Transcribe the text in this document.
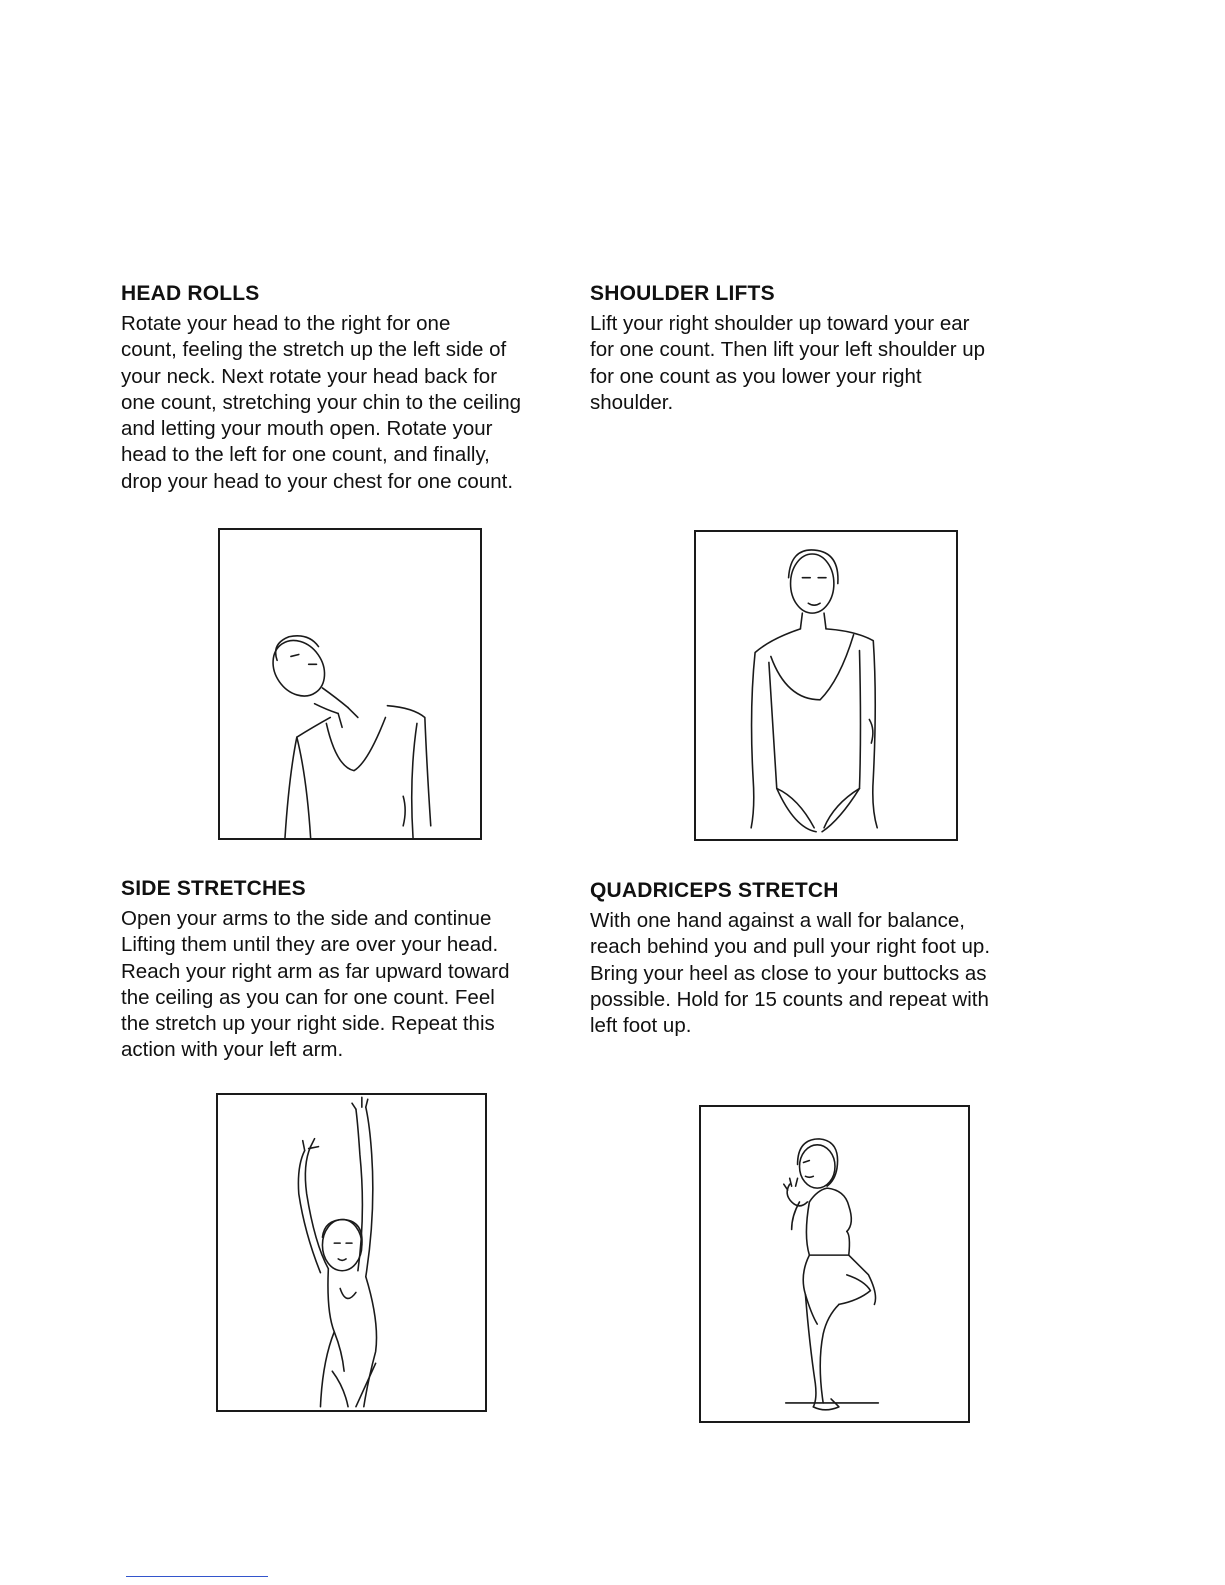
HEAD ROLLS

Rotate your head to the right for one
count, feeling the stretch up the left side of
your neck. Next rotate your head back for
one count, stretching your chin to the ceiling
and letting your mouth open. Rotate your
head to the left for one count, and finally,
drop your head to your chest for one count.

SHOULDER LIFTS

Lift your right shoulder up toward your ear
for one count. Then lift your left shoulder up
for one count as you lower your right
shoulder.

SIDE STRETCHES

Open your arms to the side and continue
Lifting them until they are over your head.
Reach your right arm as far upward toward
the ceiling as you can for one count. Feel
the stretch up your right side. Repeat this
action with your left arm.

QUADRICEPS STRETCH

With one hand against a wall for balance,
reach behind you and pull your right foot up.
Bring your heel as close to your buttocks as
possible. Hold for 15 counts and repeat with
left foot up.
